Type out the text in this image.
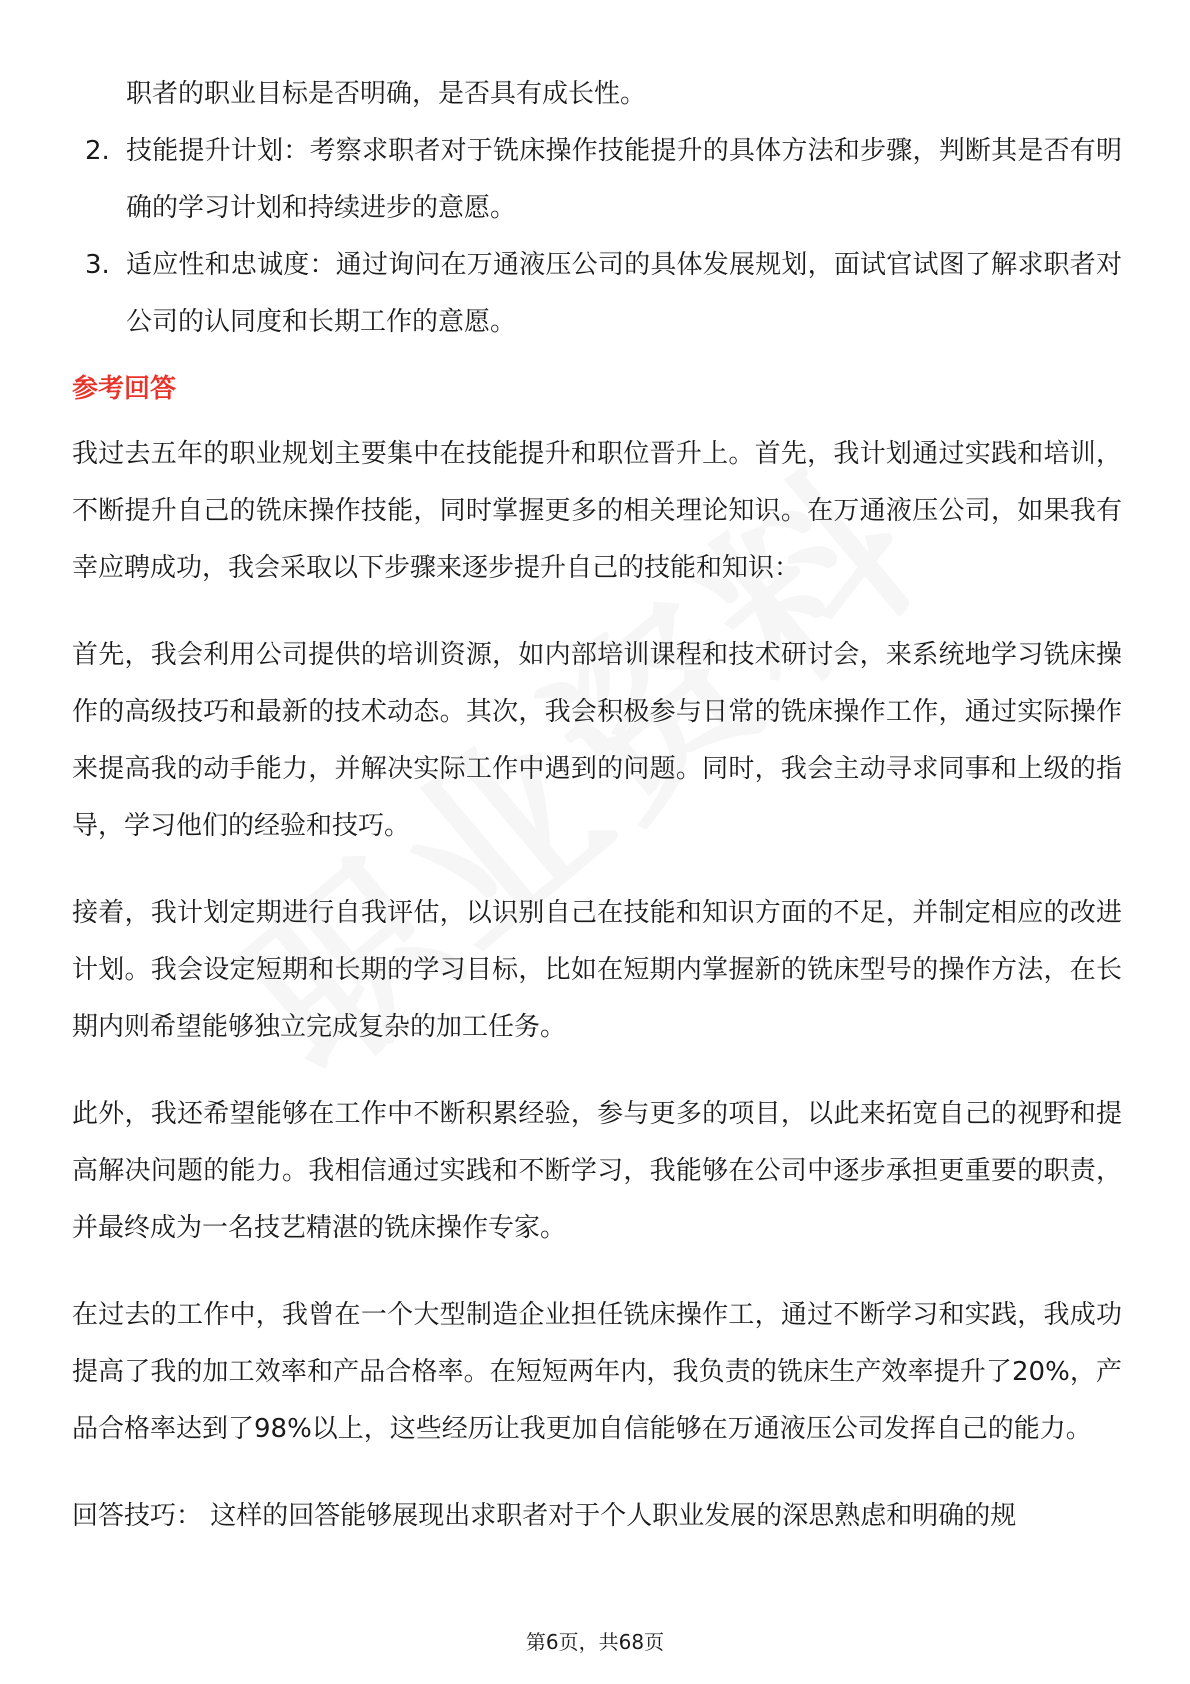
职者的职业目标是否明确，是否具有成长性。

2. 技能提升计划：考察求职者对于铣床操作技能提升的具体方法和步骤，判断其是否有明确的学习计划和持续进步的意愿。
3. 适应性和忠诚度：通过询问在万通液压公司的具体发展规划，面试官试图了解求职者对公司的认同度和长期工作的意愿。
参考回答

我过去五年的职业规划主要集中在技能提升和职位晋升上。首先，我计划通过实践和培训，不断提升自己的铣床操作技能，同时掌握更多的相关理论知识。在万通液压公司，如果我有幸应聘成功，我会采取以下步骤来逐步提升自己的技能和知识：

首先，我会利用公司提供的培训资源，如内部培训课程和技术研讨会，来系统地学习铣床操作的高级技巧和最新的技术动态。其次，我会积极参与日常的铣床操作工作，通过实际操作来提高我的动手能力，并解决实际工作中遇到的问题。同时，我会主动寻求同事和上级的指导，学习他们的经验和技巧。

接着，我计划定期进行自我评估，以识别自己在技能和知识方面的不足，并制定相应的改进计划。我会设定短期和长期的学习目标，比如在短期内掌握新的铣床型号的操作方法，在长期内则希望能够独立完成复杂的加工任务。

此外，我还希望能够在工作中不断积累经验，参与更多的项目，以此来拓宽自己的视野和提高解决问题的能力。我相信通过实践和不断学习，我能够在公司中逐步承担更重要的职责，并最终成为一名技艺精湛的铣床操作专家。

在过去的工作中，我曾在一个大型制造企业担任铣床操作工，通过不断学习和实践，我成功提高了我的加工效率和产品合格率。在短短两年内，我负责的铣床生产效率提升了20%，产品合格率达到了98%以上，这些经历让我更加自信能够在万通液压公司发挥自己的能力。

回答技巧： 这样的回答能够展现出求职者对于个人职业发展的深思熟虑和明确的规

第6页，共68页
